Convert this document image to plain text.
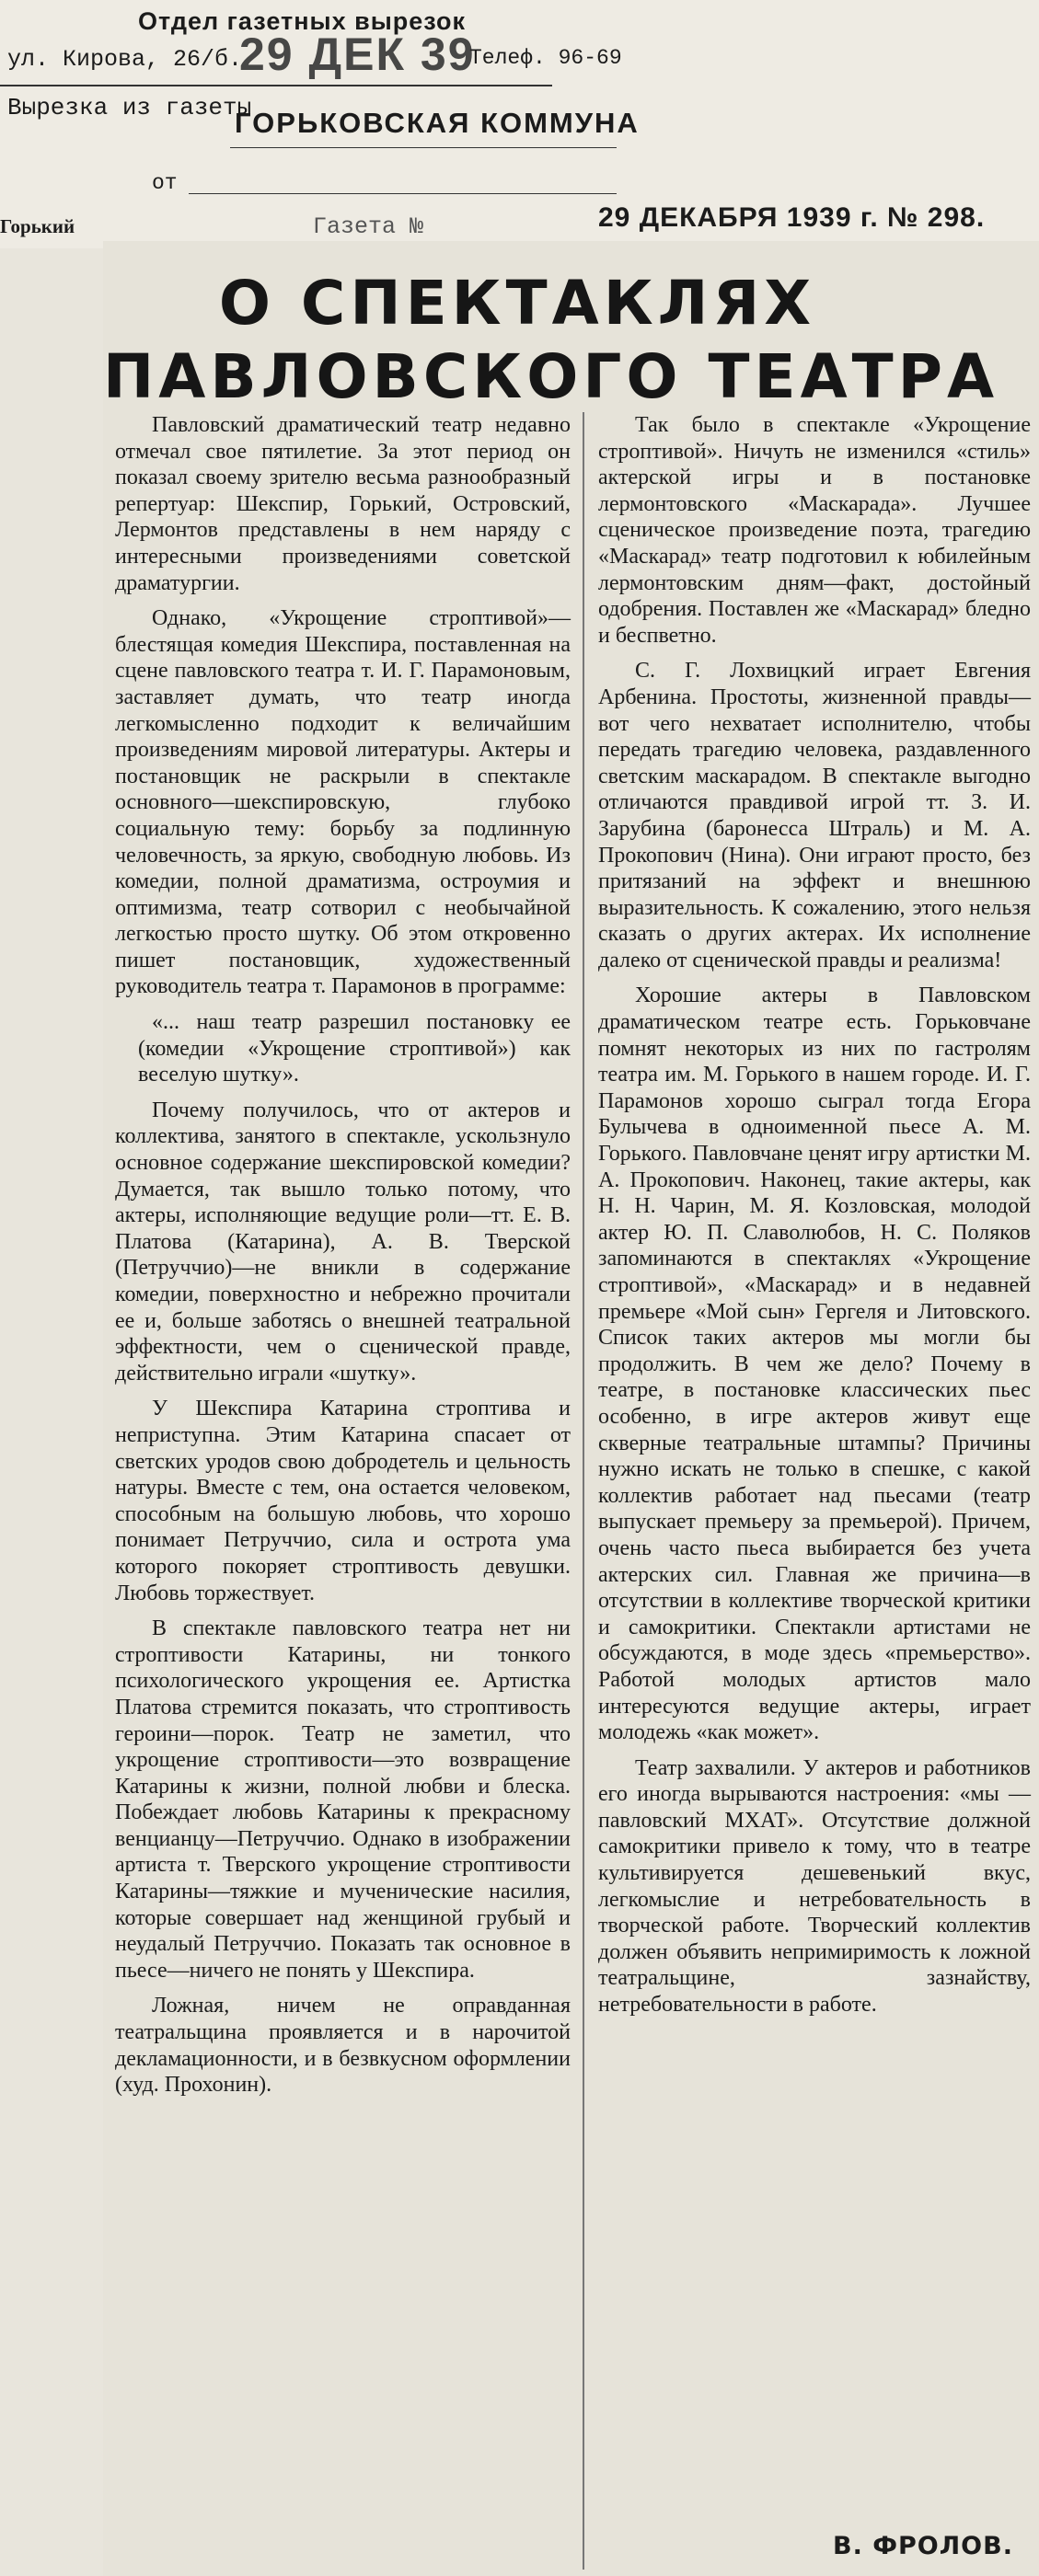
Отдел газетных вырезок
ул. Кирова, 26/б.	Телеф. 96-69
29 ДЕК 39
Вырезка из газеты
ГОРЬКОВСКАЯ КОММУНА
от
Горький	Газета №	29 ДЕКАБРЯ 1939 г. № 298.
О СПЕКТАКЛЯХ
ПАВЛОВСКОГО ТЕАТРА

Павловский драматический театр недавно отмечал свое пятилетие. За этот период он показал своему зрителю весьма разнообразный репертуар: Шекспир, Горький, Островский, Лермонтов представлены в нем наряду с интересными произведениями советской драматургии.

Однако, «Укрощение строптивой»—блестящая комедия Шекспира, поставленная на сцене павловского театра т. И. Г. Парамоновым, заставляет думать, что театр иногда легкомысленно подходит к величайшим произведениям мировой литературы. Актеры и постановщик не раскрыли в спектакле основного—шекспировскую, глубоко социальную тему: борьбу за подлинную человечность, за яркую, свободную любовь. Из комедии, полной драматизма, остроумия и оптимизма, театр сотворил с необычайной легкостью просто шутку. Об этом откровенно пишет постановщик, художественный руководитель театра т. Парамонов в программе:

«... наш театр разрешил постановку ее (комедии «Укрощение строптивой») как веселую шутку».

Почему получилось, что от актеров и коллектива, занятого в спектакле, ускользнуло основное содержание шекспировской комедии? Думается, так вышло только потому, что актеры, исполняющие ведущие роли—тт. Е. В. Платова (Катарина), А. В. Тверской (Петруччио)—не вникли в содержание комедии, поверхностно и небрежно прочитали ее и, больше заботясь о внешней театральной эффектности, чем о сценической правде, действительно играли «шутку».

У Шекспира Катарина строптива и неприступна. Этим Катарина спасает от светских уродов свою добродетель и цельность натуры. Вместе с тем, она остается человеком, способным на большую любовь, что хорошо понимает Петруччио, сила и острота ума которого покоряет строптивость девушки. Любовь торжествует.

В спектакле павловского театра нет ни строптивости Катарины, ни тонкого психологического укрощения ее. Артистка Платова стремится показать, что строптивость героини—порок. Театр не заметил, что укрощение строптивости—это возвращение Катарины к жизни, полной любви и блеска. Побеждает любовь Катарины к прекрасному венцианцу—Петруччио. Однако в изображении артиста т. Тверского укрощение строптивости Катарины—тяжкие и мученические насилия, которые совершает над женщиной грубый и неудалый Петруччио. Показать так основное в пьесе—ничего не понять у Шекспира.

Ложная, ничем не оправданная театральщина проявляется и в нарочитой декламационности, и в безвкусном оформлении (худ. Прохонин).

Так было в спектакле «Укрощение строптивой». Ничуть не изменился «стиль» актерской игры и в постановке лермонтовского «Маскарада». Лучшее сценическое произведение поэта, трагедию «Маскарад» театр подготовил к юбилейным лермонтовским дням—факт, достойный одобрения. Поставлен же «Маскарад» бледно и беспветно.

С. Г. Лохвицкий играет Евгения Арбенина. Простоты, жизненной правды—вот чего нехватает исполнителю, чтобы передать трагедию человека, раздавленного светским маскарадом. В спектакле выгодно отличаются правдивой игрой тт. З. И. Зарубина (баронесса Штраль) и М. А. Прокопович (Нина). Они играют просто, без притязаний на эффект и внешнюю выразительность. К сожалению, этого нельзя сказать о других актерах. Их исполнение далеко от сценической правды и реализма!

Хорошие актеры в Павловском драматическом театре есть. Горьковчане помнят некоторых из них по гастролям театра им. М. Горького в нашем городе. И. Г. Парамонов хорошо сыграл тогда Егора Булычева в одноименной пьесе А. М. Горького. Павловчане ценят игру артистки М. А. Прокопович. Наконец, такие актеры, как Н. Н. Чарин, М. Я. Козловская, молодой актер Ю. П. Славолюбов, Н. С. Поляков запоминаются в спектаклях «Укрощение строптивой», «Маскарад» и в недавней премьере «Мой сын» Гергеля и Литовского. Список таких актеров мы могли бы продолжить. В чем же дело? Почему в театре, в постановке классических пьес особенно, в игре актеров живут еще скверные театральные штампы? Причины нужно искать не только в спешке, с какой коллектив работает над пьесами (театр выпускает премьеру за премьерой). Причем, очень часто пьеса выбирается без учета актерских сил. Главная же причина—в отсутствии в коллективе творческой критики и самокритики. Спектакли артистами не обсуждаются, в моде здесь «премьерство». Работой молодых артистов мало интересуются ведущие актеры, играет молодежь «как может».

Театр захвалили. У актеров и работников его иногда вырываются настроения: «мы — павловский МХАТ». Отсутствие должной самокритики привело к тому, что в театре культивируется дешевенький вкус, легкомыслие и нетребовательность в творческой работе. Творческий коллектив должен объявить непримиримость к ложной театральщине, зазнайству, нетребовательности в работе.

В. ФРОЛОВ.
